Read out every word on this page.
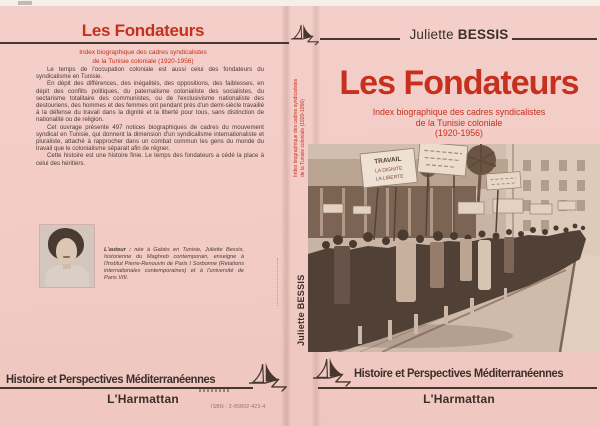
Les Fondateurs
Index biographique des cadres syndicalistes
de la Tunisie coloniale (1920-1956)

Le temps de l'occupation coloniale est aussi celui des fondateurs du syndicalisme en Tunisie.

En dépit des différences, des inégalités, des oppositions, des faiblesses, en dépit des conflits politiques, du paternalisme colonialiste des socialistes, du sectarisme totalitaire des communistes, ou de l'exclusivisme nationaliste des destouriens, des hommes et des femmes ont pendant près d'un demi-siècle travaillé à la défense du travail dans la dignité et la liberté pour tous, sans distinction de nationalité ou de religion.

Cet ouvrage présente 497 notices biographiques de cadres du mouvement syndical en Tunisie, qui donnent la dimension d'un syndicalisme internationaliste et pluraliste, attaché à rapprocher dans un combat commun les gens du monde du travail que le colonialisme séparait afin de régner.

Cette histoire est une histoire finie. Le temps des fondateurs a cédé la place à celui des héritiers.

L'auteur : née à Gabès en Tunisie, Juliette Bessis, historienne du Maghreb contemporain, enseigne à l'Institut Pierre-Renouvin de Paris I Sorbonne (Relations internationales contemporaines) et à l'université de Paris VIII.
Histoire et Perspectives Méditerranéennes
L'Harmattan
ISBN : 2-85802-423-4
Index biographique des cadres syndicalistes de la Tunisie coloniale (1920-1956)
Juliette BESSIS
Juliette BESSIS
Les Fondateurs
Index biographique des cadres syndicalistes
de la Tunisie coloniale
(1920-1956)
TRAVAIL
LA DIGNITE
LA LIBERTE
Histoire et Perspectives Méditerranéennes
L'Harmattan
